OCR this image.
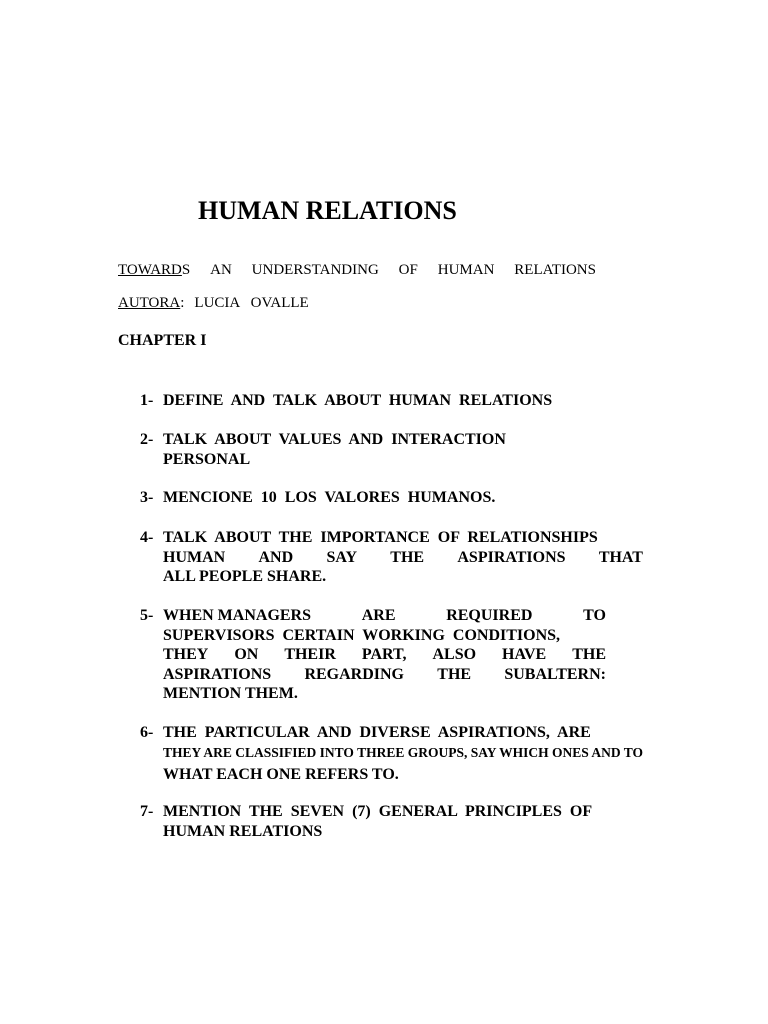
HUMAN RELATIONS
TOWARDS AN UNDERSTANDING OF HUMAN RELATIONS
AUTORA: LUCIA   OVALLE
CHAPTER I
1- DEFINE  AND  TALK  ABOUT  HUMAN  RELATIONS
2- TALK  ABOUT  VALUES  AND  INTERACTION
PERSONAL
3- MENCIONE  10  LOS  VALORES  HUMANOS.
4- TALK  ABOUT  THE  IMPORTANCE  OF  RELATIONSHIPS
HUMAN AND SAY THE ASPIRATIONS THAT
ALL PEOPLE SHARE.
5- WHEN MANAGERS	ARE	REQUIRED	TO
SUPERVISORS  CERTAIN  WORKING  CONDITIONS,
THEY ON THEIR PART, ALSO HAVE THE
ASPIRATIONS REGARDING THE SUBALTERN:
MENTION THEM.
6- THE  PARTICULAR  AND  DIVERSE  ASPIRATIONS,  ARE
THEY ARE CLASSIFIED INTO THREE GROUPS, SAY WHICH ONES AND TO
WHAT EACH ONE REFERS TO.
7- MENTION  THE  SEVEN  (7)  GENERAL  PRINCIPLES  OF
HUMAN RELATIONS
